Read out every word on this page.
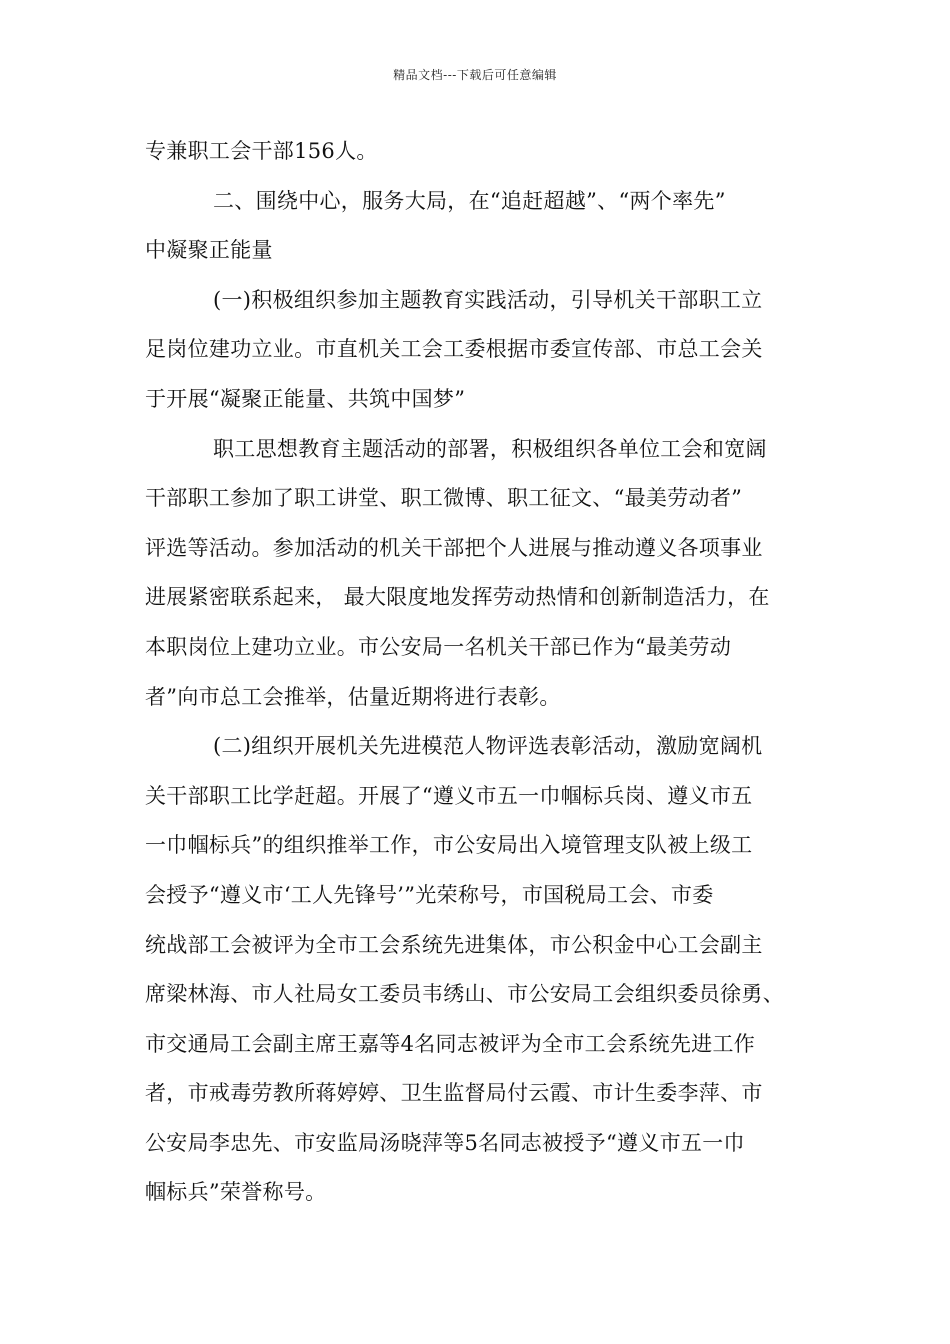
精品文档---下载后可任意编辑
专兼职工会干部156人。
二、围绕中心，服务大局，在“追赶超越”、“两个率先”
中凝聚正能量
(一)积极组织参加主题教育实践活动，引导机关干部职工立
足岗位建功立业。市直机关工会工委根据市委宣传部、市总工会关
于开展“凝聚正能量、共筑中国梦”
职工思想教育主题活动的部署，积极组织各单位工会和宽阔
干部职工参加了职工讲堂、职工微博、职工征文、“最美劳动者”
评选等活动。参加活动的机关干部把个人进展与推动遵义各项事业
进展紧密联系起来， 最大限度地发挥劳动热情和创新制造活力，在
本职岗位上建功立业。市公安局一名机关干部已作为“最美劳动
者”向市总工会推举，估量近期将进行表彰。
(二)组织开展机关先进模范人物评选表彰活动，激励宽阔机
关干部职工比学赶超。开展了“遵义市五一巾帼标兵岗、遵义市五
一巾帼标兵”的组织推举工作，市公安局出入境管理支队被上级工
会授予“遵义市‘工人先锋号’”光荣称号，市国税局工会、市委
统战部工会被评为全市工会系统先进集体，市公积金中心工会副主
席梁林海、市人社局女工委员韦绣山、市公安局工会组织委员徐勇、
市交通局工会副主席王嘉等4名同志被评为全市工会系统先进工作
者，市戒毒劳教所蒋婷婷、卫生监督局付云霞、市计生委李萍、市
公安局李忠先、市安监局汤晓萍等5名同志被授予“遵义市五一巾
帼标兵”荣誉称号。
